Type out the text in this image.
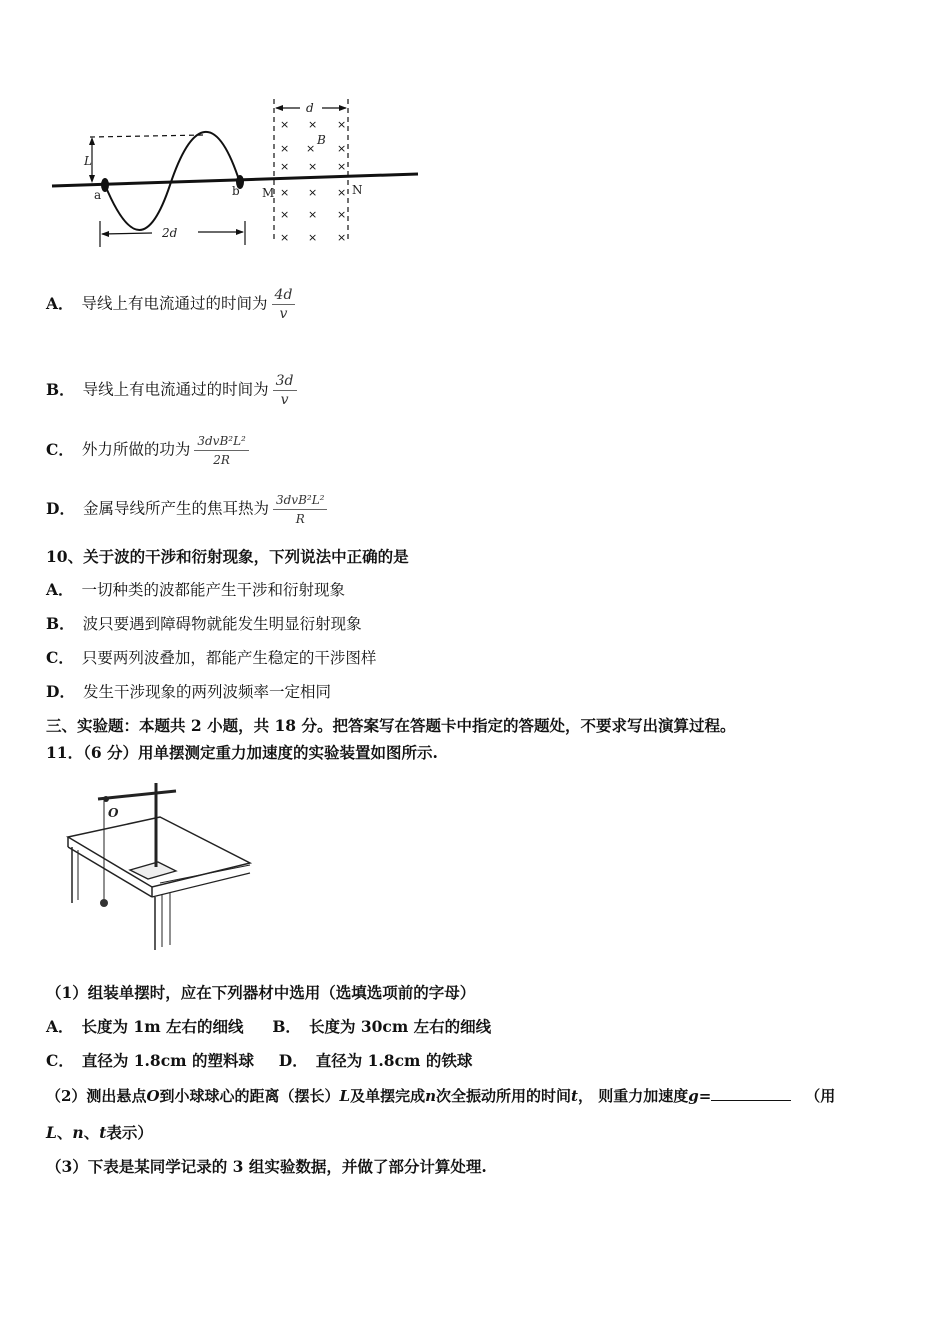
L
a	b M	N
2d
d
B
× × ×
× × ×
× × ×
× × ×
× × ×
× × ×
A． 导线上有电流通过的时间为 $\frac{4d}{v}$
B． 导线上有电流通过的时间为 $\frac{3d}{v}$
C． 外力所做的功为 $\frac{\text{3dvB²L²}}{2R}$
D． 金属导线所产生的焦耳热为 $\frac{\text{3dvB²L²}}{R}$
10、关于波的干涉和衍射现象，下列说法中正确的是
A． 一切种类的波都能产生干涉和衍射现象
B． 波只要遇到障碍物就能发生明显衍射现象
C． 只要两列波叠加，都能产生稳定的干涉图样
D． 发生干涉现象的两列波频率一定相同
三、实验题：本题共 2 小题，共 18 分。把答案写在答题卡中指定的答题处，不要求写出演算过程。
11．（6 分）用单摆测定重力加速度的实验装置如图所示.
O
（1）组装单摆时，应在下列器材中选用（选填选项前的字母）
A． 长度为 1m 左右的细线 B． 长度为 30cm 左右的细线
C． 直径为 1.8cm 的塑料球 D． 直径为 1.8cm 的铁球
（2）测出悬点O到小球球心的距离（摆长）L及单摆完成n次全振动所用的时间t， 则重力加速度g=	（用
L、n、t表示）
（3）下表是某同学记录的 3 组实验数据，并做了部分计算处理.
